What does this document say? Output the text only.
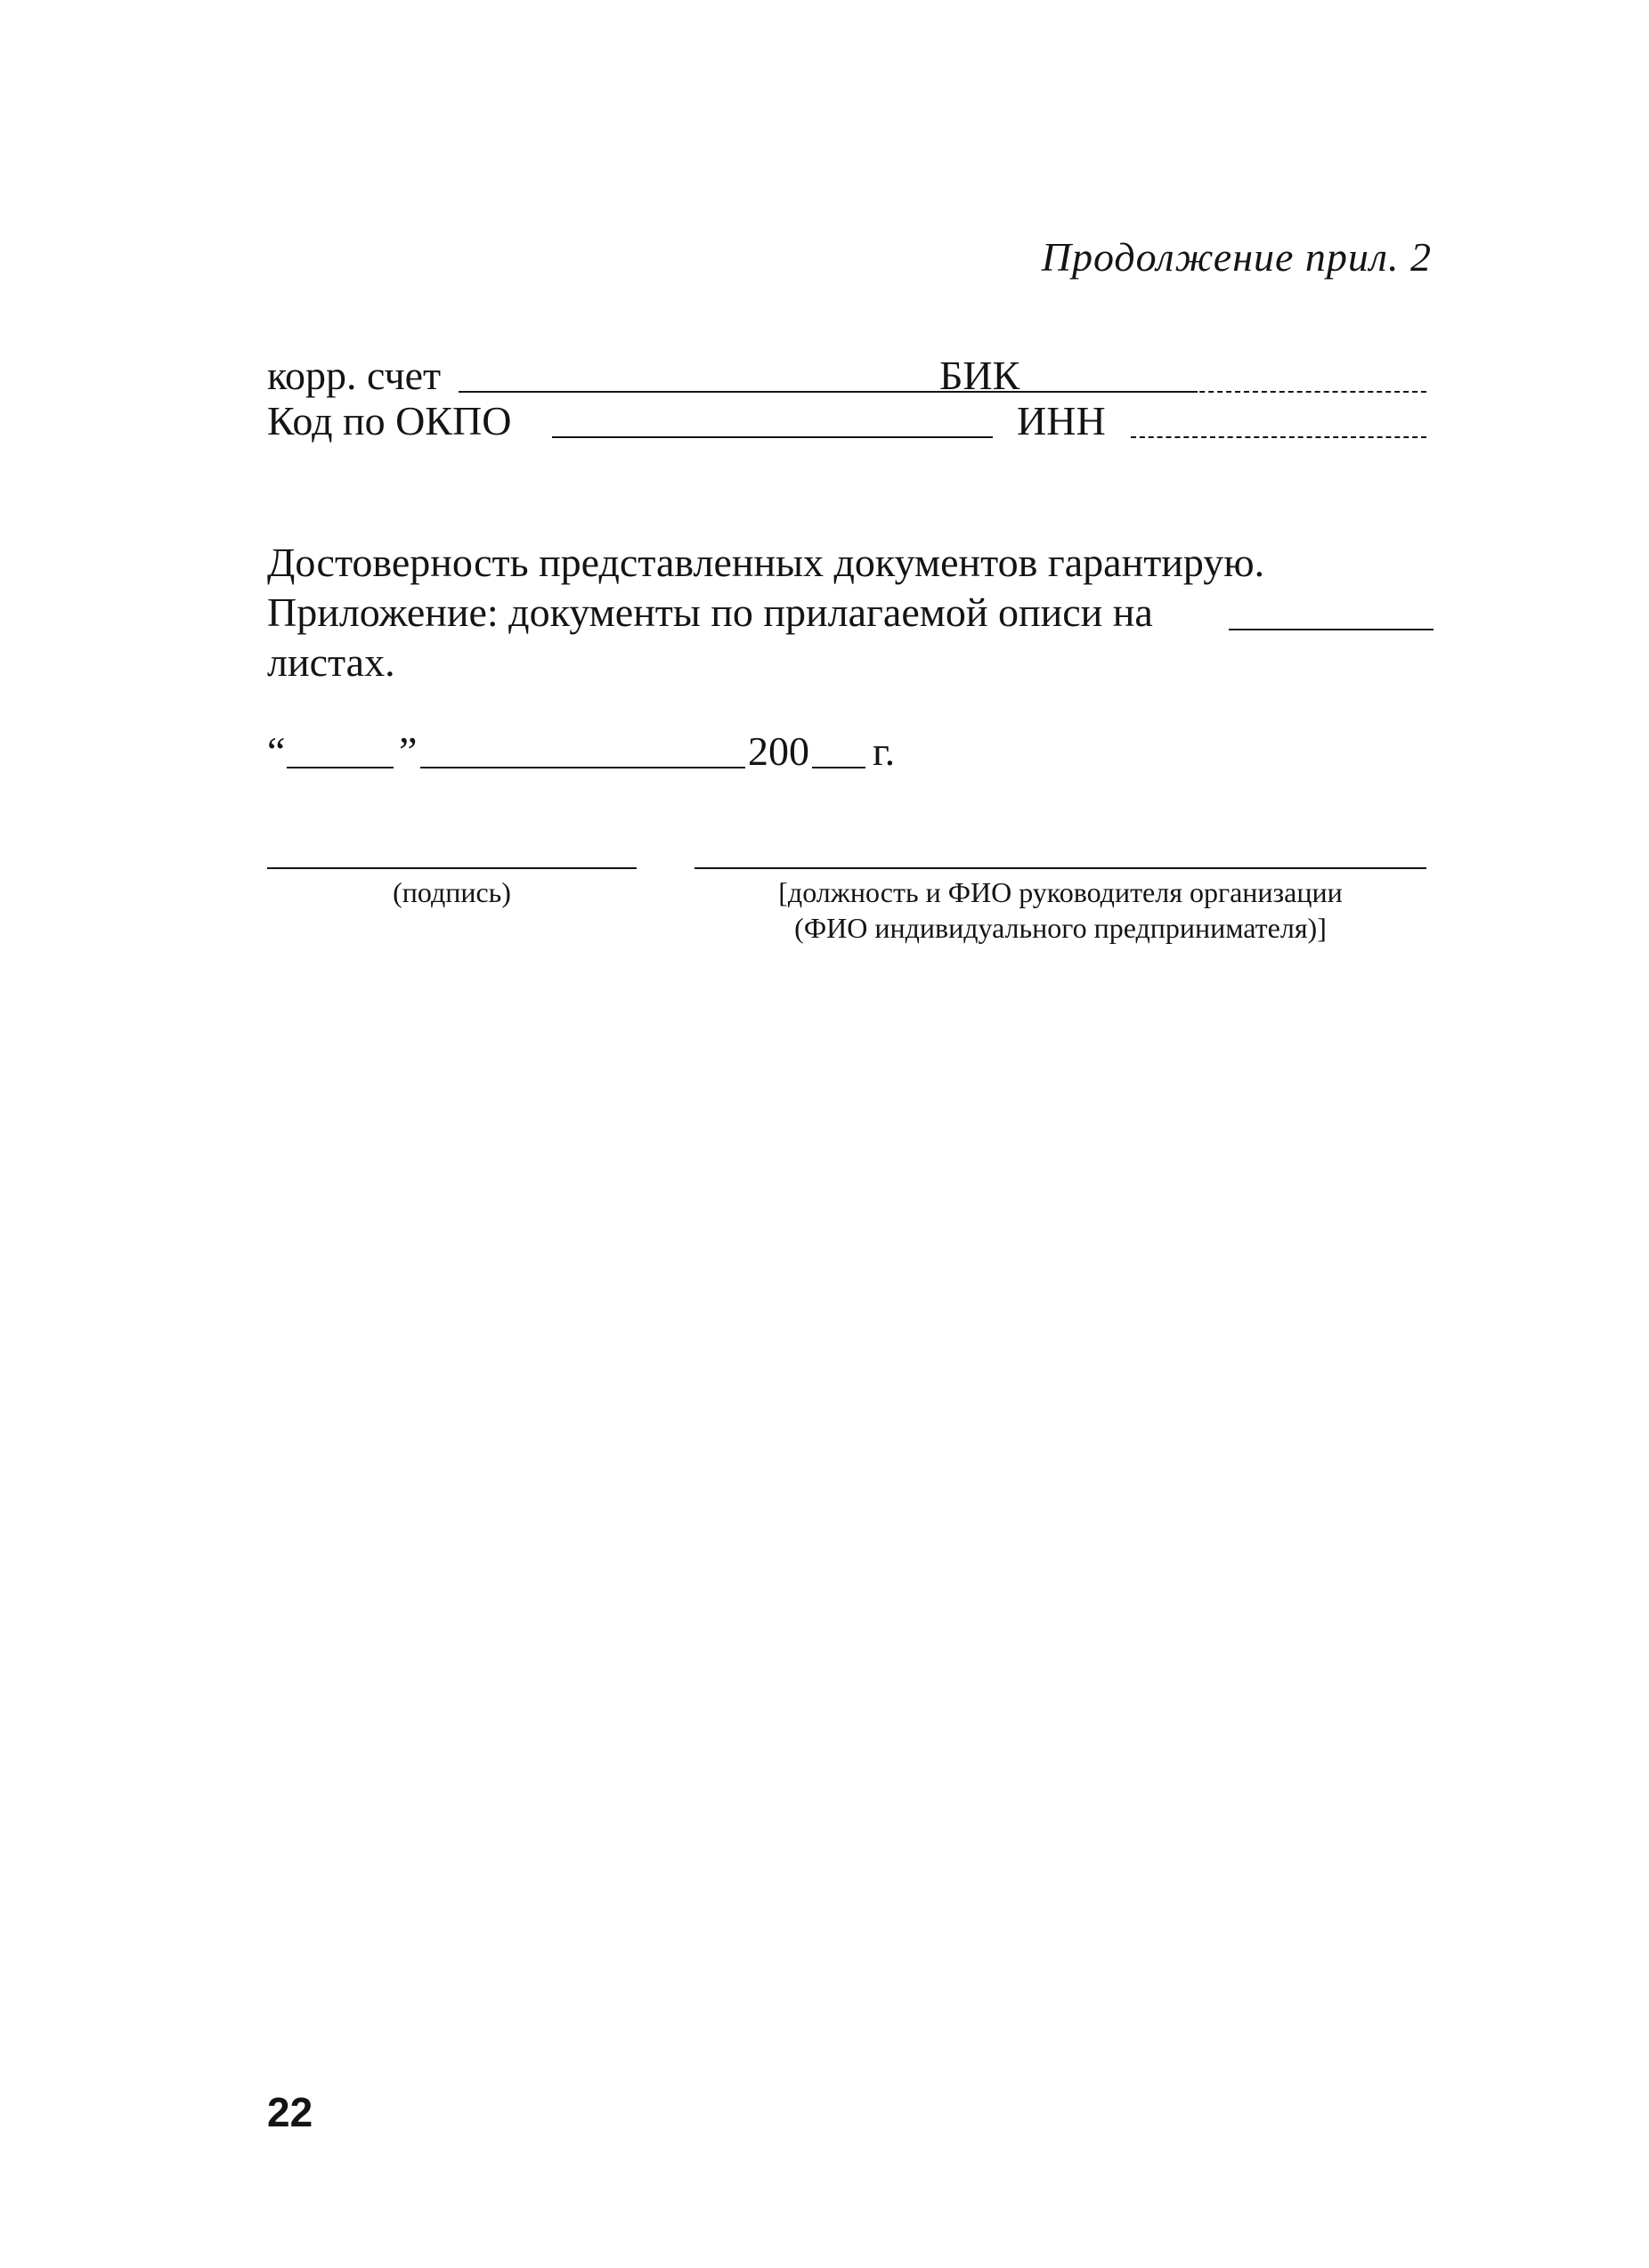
Продолжение прил. 2
корр. счет	БИК
Код по ОКПО	ИНН
Достоверность представленных документов гарантирую.
Приложение: документы по прилагаемой описи на
листах.
“	”	200 г.
(подпись)	[должность и ФИО руководителя организации
(ФИО индивидуального предпринимателя)]
22
